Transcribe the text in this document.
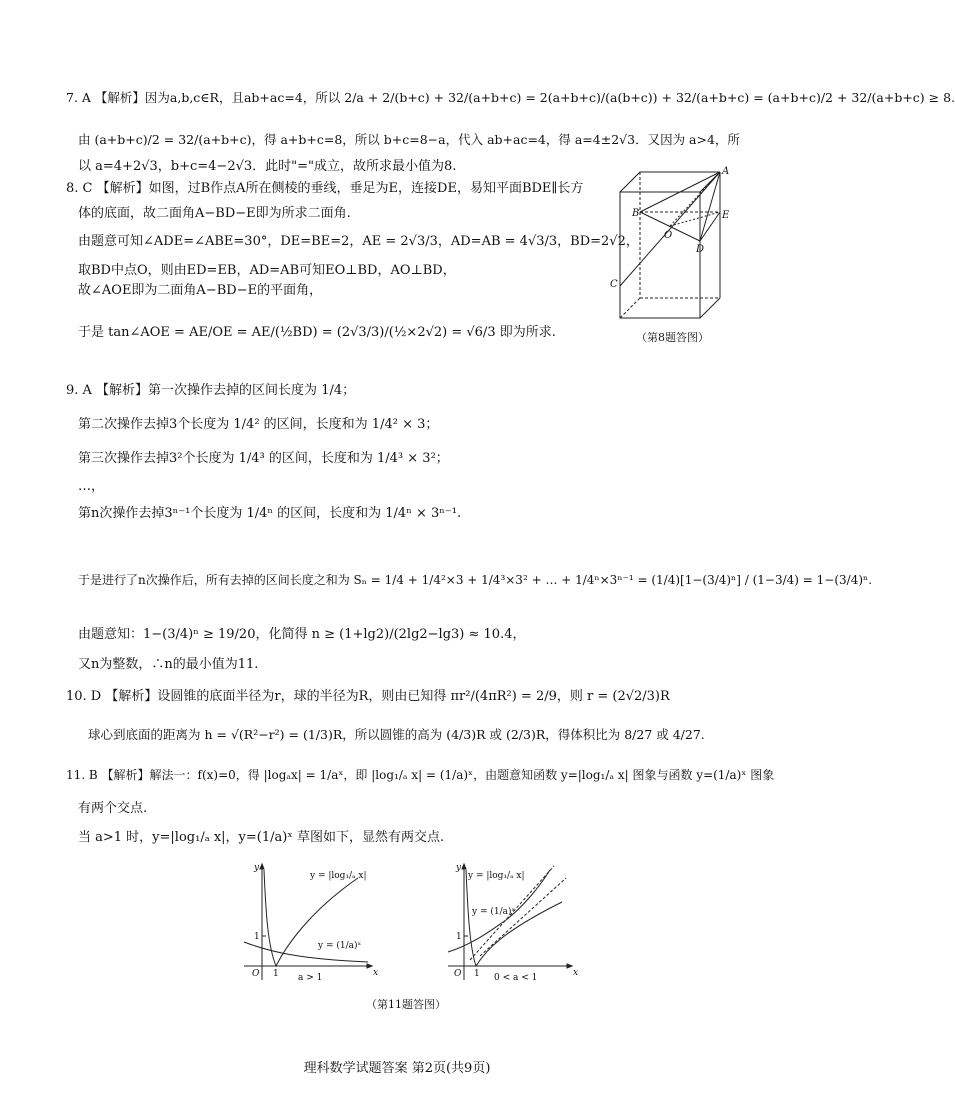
7. A 【解析】因为a,b,c∈R，且ab+ac=4，所以 2/a + 2/(b+c) + 32/(a+b+c) = 2(a+b+c)/(a(b+c)) + 32/(a+b+c) = (a+b+c)/2 + 32/(a+b+c) ≥ 8.
由 (a+b+c)/2 = 32/(a+b+c)，得 a+b+c=8，所以 b+c=8−a，代入 ab+ac=4，得 a=4±2√3．又因为 a>4，所
以 a=4+2√3，b+c=4−2√3．此时"="成立，故所求最小值为8.
8. C 【解析】如图，过B作点A所在侧棱的垂线，垂足为E，连接DE，易知平面BDE∥长方
体的底面，故二面角A−BD−E即为所求二面角.
由题意可知∠ADE=∠ABE=30°，DE=BE=2，AE = 2√3/3，AD=AB = 4√3/3，BD=2√2，
取BD中点O，则由ED=EB，AD=AB可知EO⊥BD，AO⊥BD，
故∠AOE即为二面角A−BD−E的平面角，
于是 tan∠AOE = AE/OE = AE/(½BD) = (2√3/3)/(½×2√2) = √6/3 即为所求.
A
B	E
O
D
C
（第8题答图）
9. A 【解析】第一次操作去掉的区间长度为 1/4；
第二次操作去掉3个长度为 1/4² 的区间，长度和为 1/4² × 3；
第三次操作去掉3²个长度为 1/4³ 的区间，长度和为 1/4³ × 3²；
…，
第n次操作去掉3ⁿ⁻¹个长度为 1/4ⁿ 的区间，长度和为 1/4ⁿ × 3ⁿ⁻¹.
于是进行了n次操作后，所有去掉的区间长度之和为 Sₙ = 1/4 + 1/4²×3 + 1/4³×3² + … + 1/4ⁿ×3ⁿ⁻¹ = (1/4)[1−(3/4)ⁿ] / (1−3/4) = 1−(3/4)ⁿ.
由题意知：1−(3/4)ⁿ ≥ 19/20，化简得 n ≥ (1+lg2)/(2lg2−lg3) ≈ 10.4，
又n为整数，∴n的最小值为11.
10. D 【解析】设圆锥的底面半径为r，球的半径为R，则由已知得 πr²/(4πR²) = 2/9，则 r = (2√2/3)R
球心到底面的距离为 h = √(R²−r²) = (1/3)R，所以圆锥的高为 (4/3)R 或 (2/3)R，得体积比为 8/27 或 4/27.
11. B 【解析】解法一：f(x)=0，得 |logₐx| = 1/aˣ，即 |log₁/ₐ x| = (1/a)ˣ，由题意知函数 y=|log₁/ₐ x| 图象与函数 y=(1/a)ˣ 图象
有两个交点.
当 a>1 时，y=|log₁/ₐ x|，y=(1/a)ˣ 草图如下，显然有两交点.
y
x
O 1
1
a > 1
y = |log₁/ₐ x|
y = (1/a)ˣ
y
x
O 1
1
0 < a < 1
y = |log₁/ₐ x|
y = (1/a)ˣ
（第11题答图）
理科数学试题答案 第2页(共9页)
